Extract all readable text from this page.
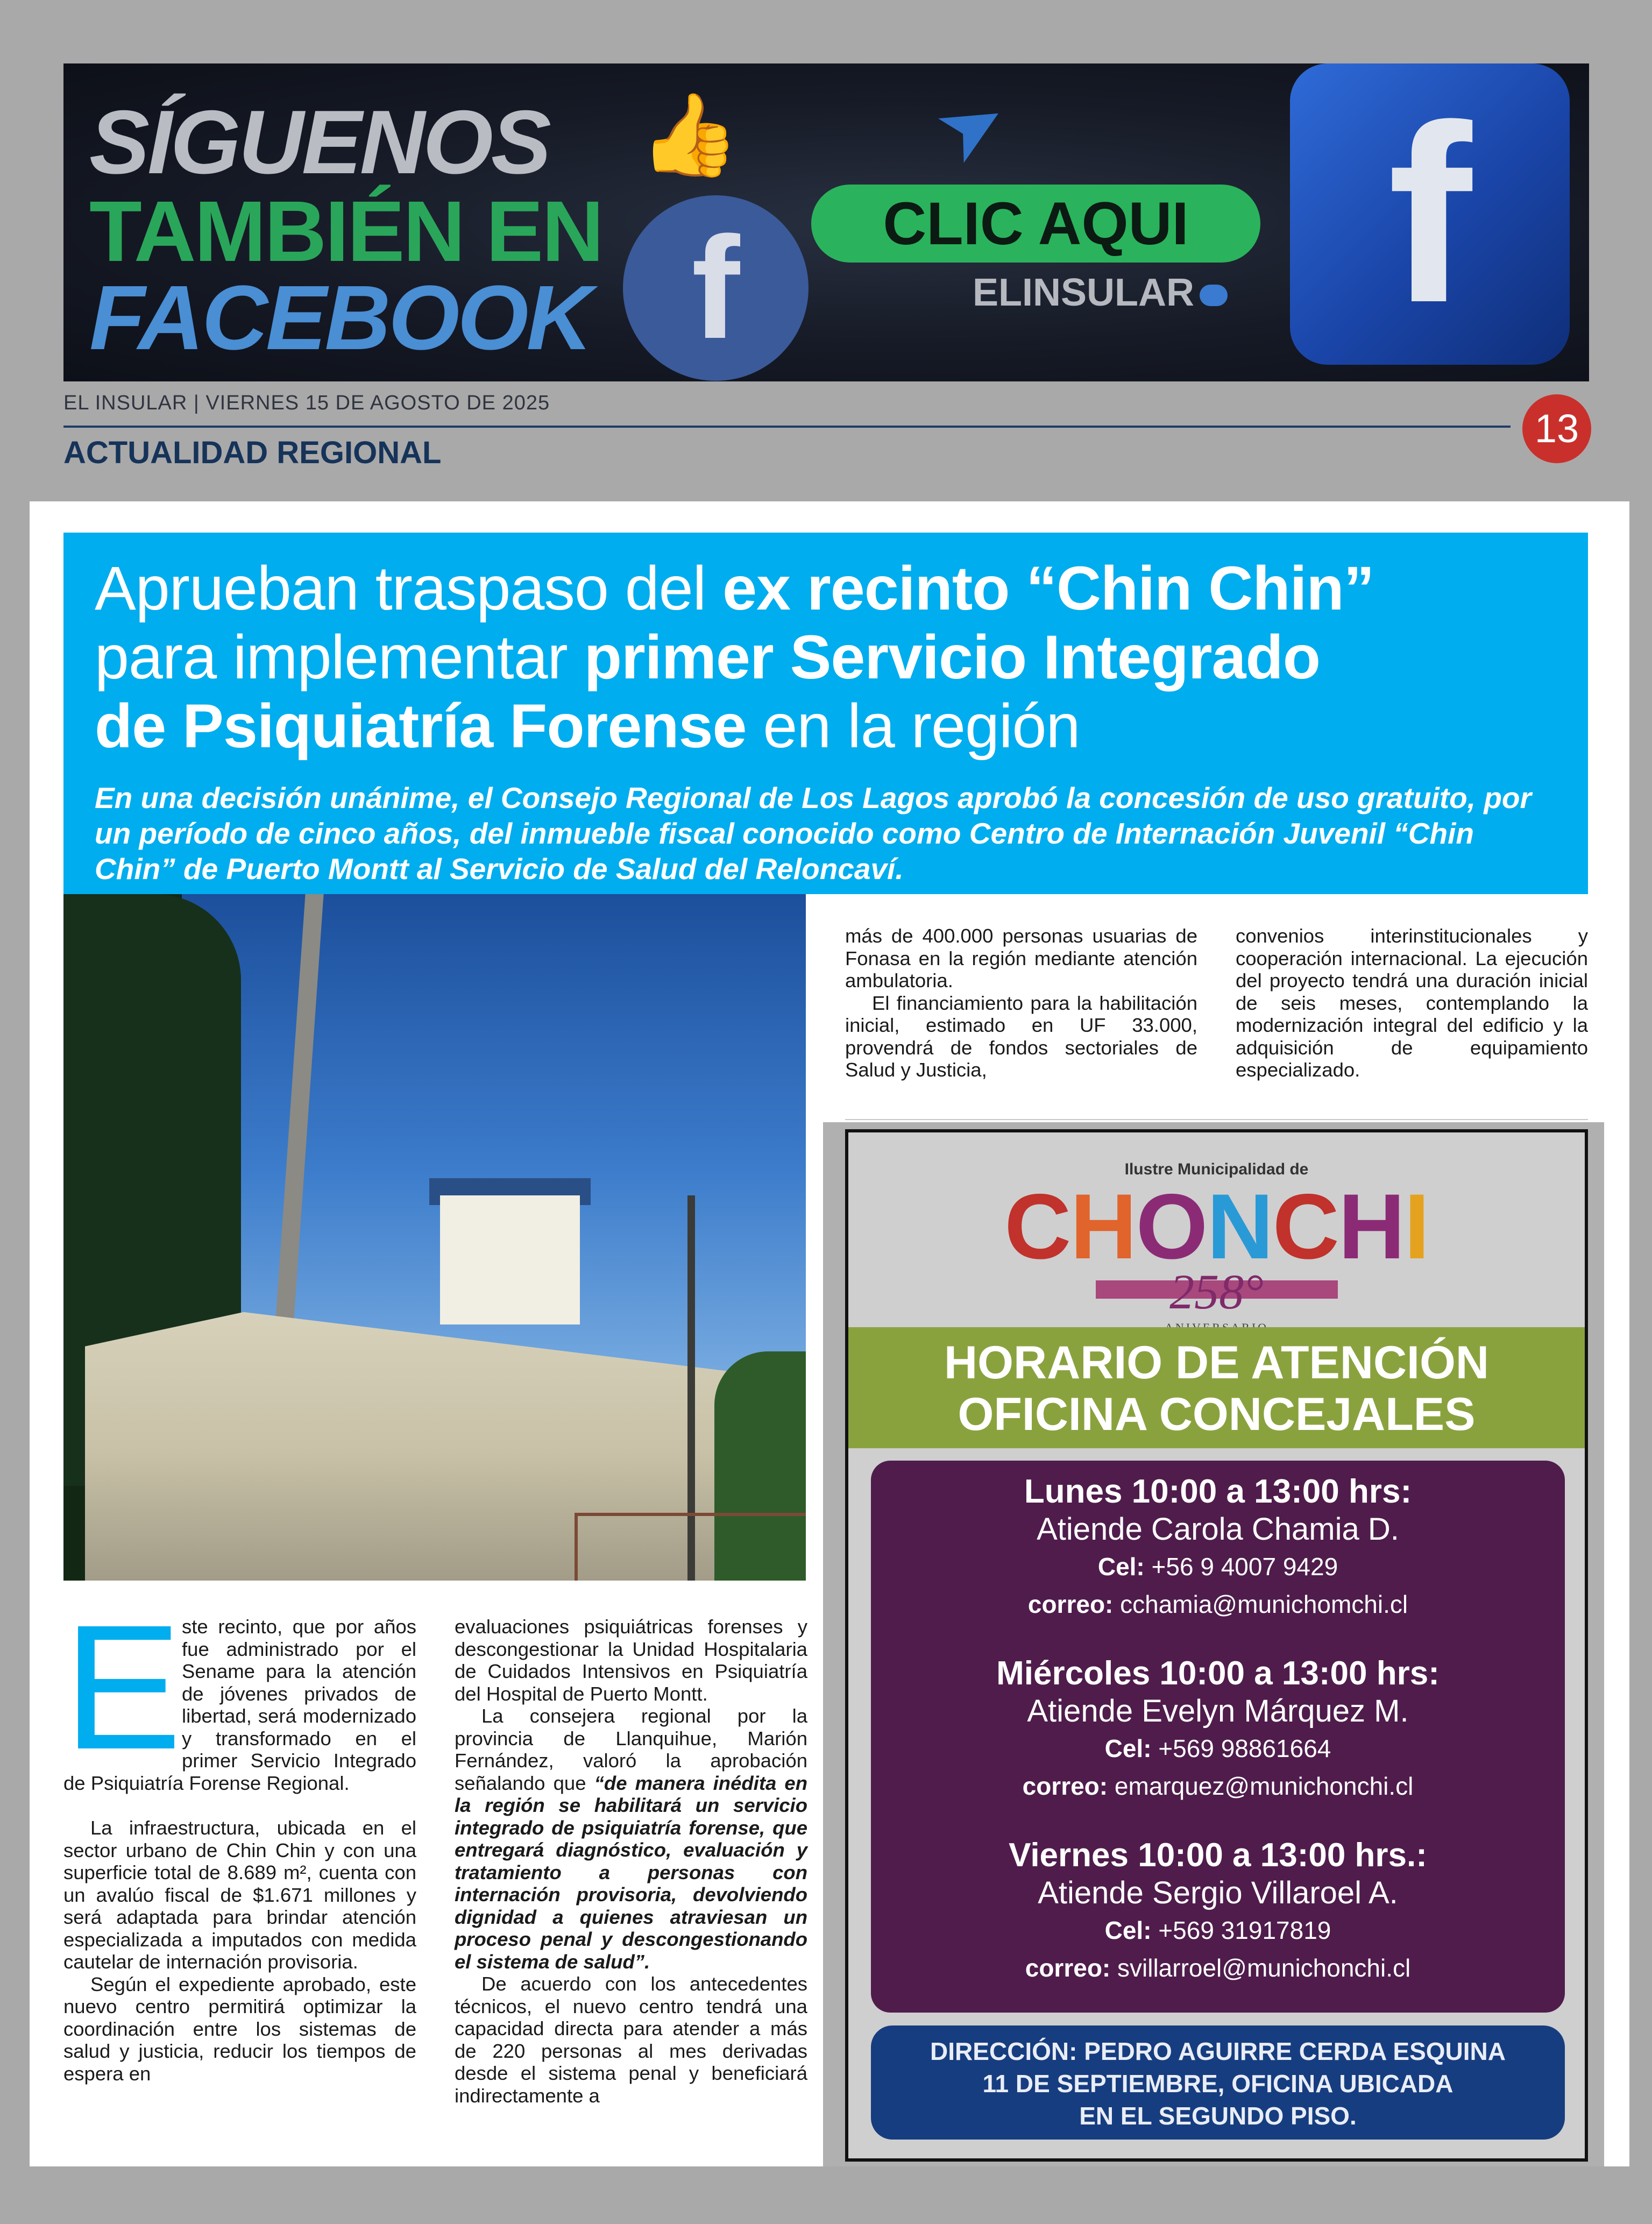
SÍGUENOS
TAMBIÉN EN
FACEBOOK
👍 ➤
f	CLIC AQUI
ELINSULAR f
EL INSULAR | VIERNES 15 DE AGOSTO DE 2025
ACTUALIDAD REGIONAL
13
Aprueban traspaso del ex recinto “Chin Chin”
para implementar primer Servicio Integrado
de Psiquiatría Forense en la región
En una decisión unánime, el Consejo Regional de Los Lagos aprobó la concesión de uso gratuito, por un período de cinco años, del inmueble fiscal conocido como Centro de Internación Juvenil “Chin Chin” de Puerto Montt al Servicio de Salud del Reloncaví.

Este recinto, que por años fue administrado por el Sename para la atención de jóvenes privados de libertad, será modernizado y transformado en el primer Servicio Integrado de Psiquiatría Forense Regional.

La infraestructura, ubicada en el sector urbano de Chin Chin y con una superficie total de 8.689 m², cuenta con un avalúo fiscal de $1.671 millones y será adaptada para brindar atención especializada a imputados con medida cautelar de internación provisoria.

Según el expediente aprobado, este nuevo centro permitirá optimizar la coordinación entre los sistemas de salud y justicia, reducir los tiempos de espera en

evaluaciones psiquiátricas forenses y descongestionar la Unidad Hospitalaria de Cuidados Intensivos en Psiquiatría del Hospital de Puerto Montt.

La consejera regional por la provincia de Llanquihue, Marión Fernández, valoró la aprobación señalando que “de manera inédita en la región se habilitará un servicio integrado de psiquiatría forense, que entregará diagnóstico, evaluación y tratamiento a personas con internación provisoria, devolviendo dignidad a quienes atraviesan un proceso penal y descongestionando el sistema de salud”.

De acuerdo con los antecedentes técnicos, el nuevo centro tendrá una capacidad directa para atender a más de 220 personas al mes derivadas desde el sistema penal y beneficiará indirectamente a

más de 400.000 personas usuarias de Fonasa en la región mediante atención ambulatoria.

El financiamiento para la habilitación inicial, estimado en UF 33.000, provendrá de fondos sectoriales de Salud y Justicia,

convenios interinstitucionales y cooperación internacional. La ejecución del proyecto tendrá una duración inicial de seis meses, contemplando la modernización integral del edificio y la adquisición de equipamiento especializado.

Ilustre Municipalidad de
CHONCHI
258°
HORARIO DE ATENCIÓN
OFICINA CONCEJALES
Lunes 10:00 a 13:00 hrs:
Atiende Carola Chamia D.
Cel: +56 9 4007 9429
correo: cchamia@munichomchi.cl
Miércoles 10:00 a 13:00 hrs:
Atiende Evelyn Márquez M.
Cel: +569 98861664
correo: emarquez@munichonchi.cl
Viernes 10:00 a 13:00 hrs.:
Atiende Sergio Villaroel A.
Cel: +569 31917819
correo: svillarroel@munichonchi.cl
DIRECCIÓN: PEDRO AGUIRRE CERDA ESQUINA
11 DE SEPTIEMBRE, OFICINA UBICADA
EN EL SEGUNDO PISO.
